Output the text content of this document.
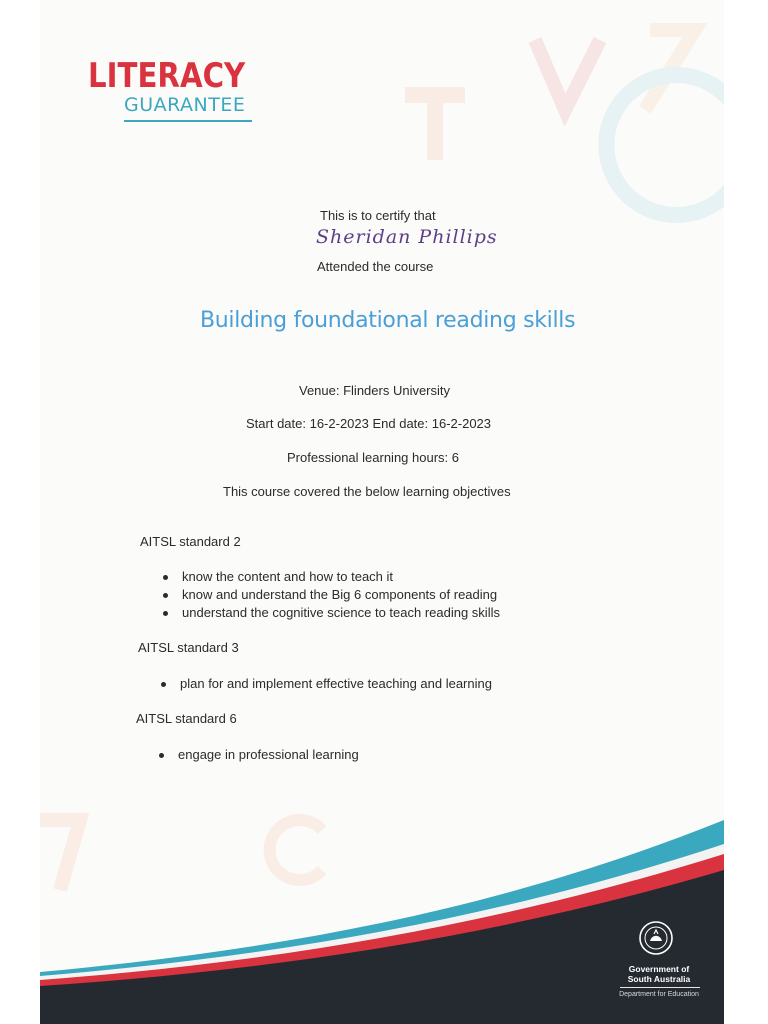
LITERACY
GUARANTEE
This is to certify that
Sheridan Phillips
Attended the course
Building foundational reading skills
Venue: Flinders University
Start date: 16-2-2023 End date: 16-2-2023
Professional learning hours: 6
This course covered the below learning objectives
AITSL standard 2
know the content and how to teach it
know and understand the Big 6 components of reading
understand the cognitive science to teach reading skills
AITSL standard 3
plan for and implement effective teaching and learning
AITSL standard 6
engage in professional learning
Government of South Australia
Department for Education
